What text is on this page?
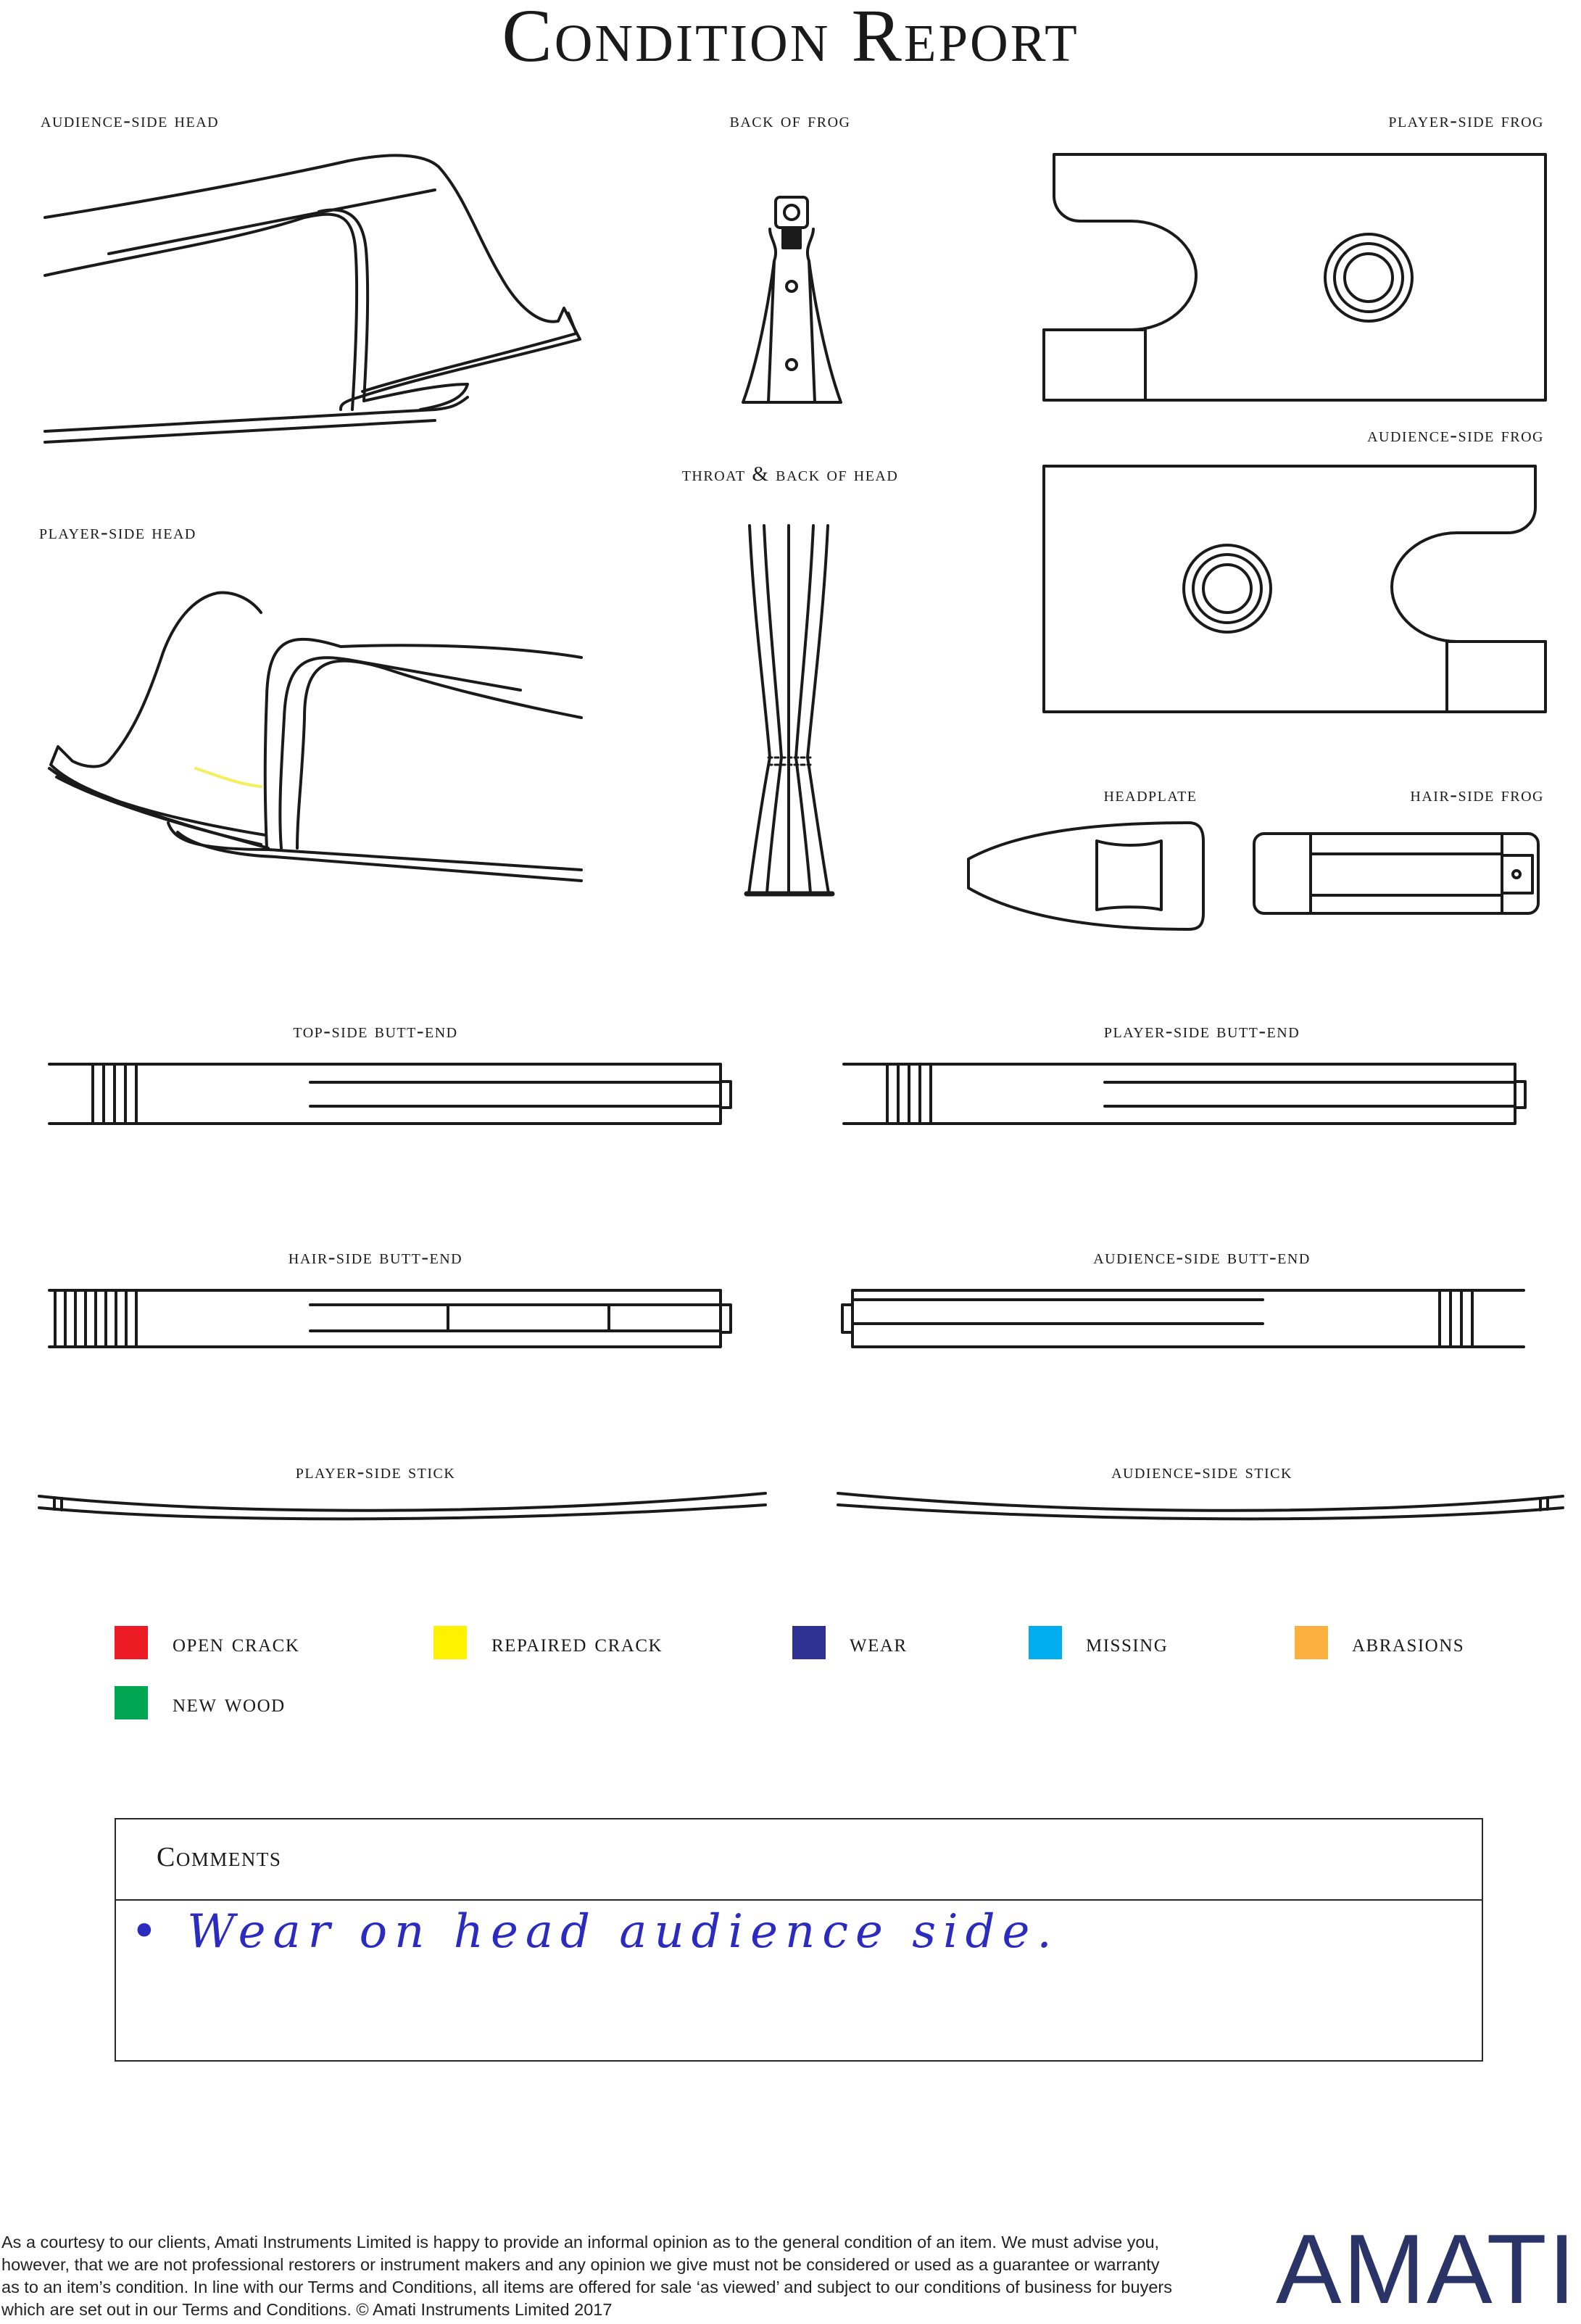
Condition Report
audience-side head	back of frog	player-side frog
audience-side frog
throat & back of head
player-side head
headplate	hair-side frog
top-side butt-end	player-side butt-end
hair-side butt-end	audience-side butt-end
player-side stick	audience-side stick
open crack	repaired crack	wear	missing	abrasions
new wood
Comments
• Wear on head audience side.
As a courtesy to our clients, Amati Instruments Limited is happy to provide an informal opinion as to the general condition of an item. We must advise you, however, that we are not professional restorers or instrument makers and any opinion we give must not be considered or used as a guarantee or warranty as to an item’s condition. In line with our Terms and Conditions, all items are offered for sale ‘as viewed’ and subject to our conditions of business for buyers which are set out in our Terms and Conditions. © Amati Instruments Limited 2017	AMATI
